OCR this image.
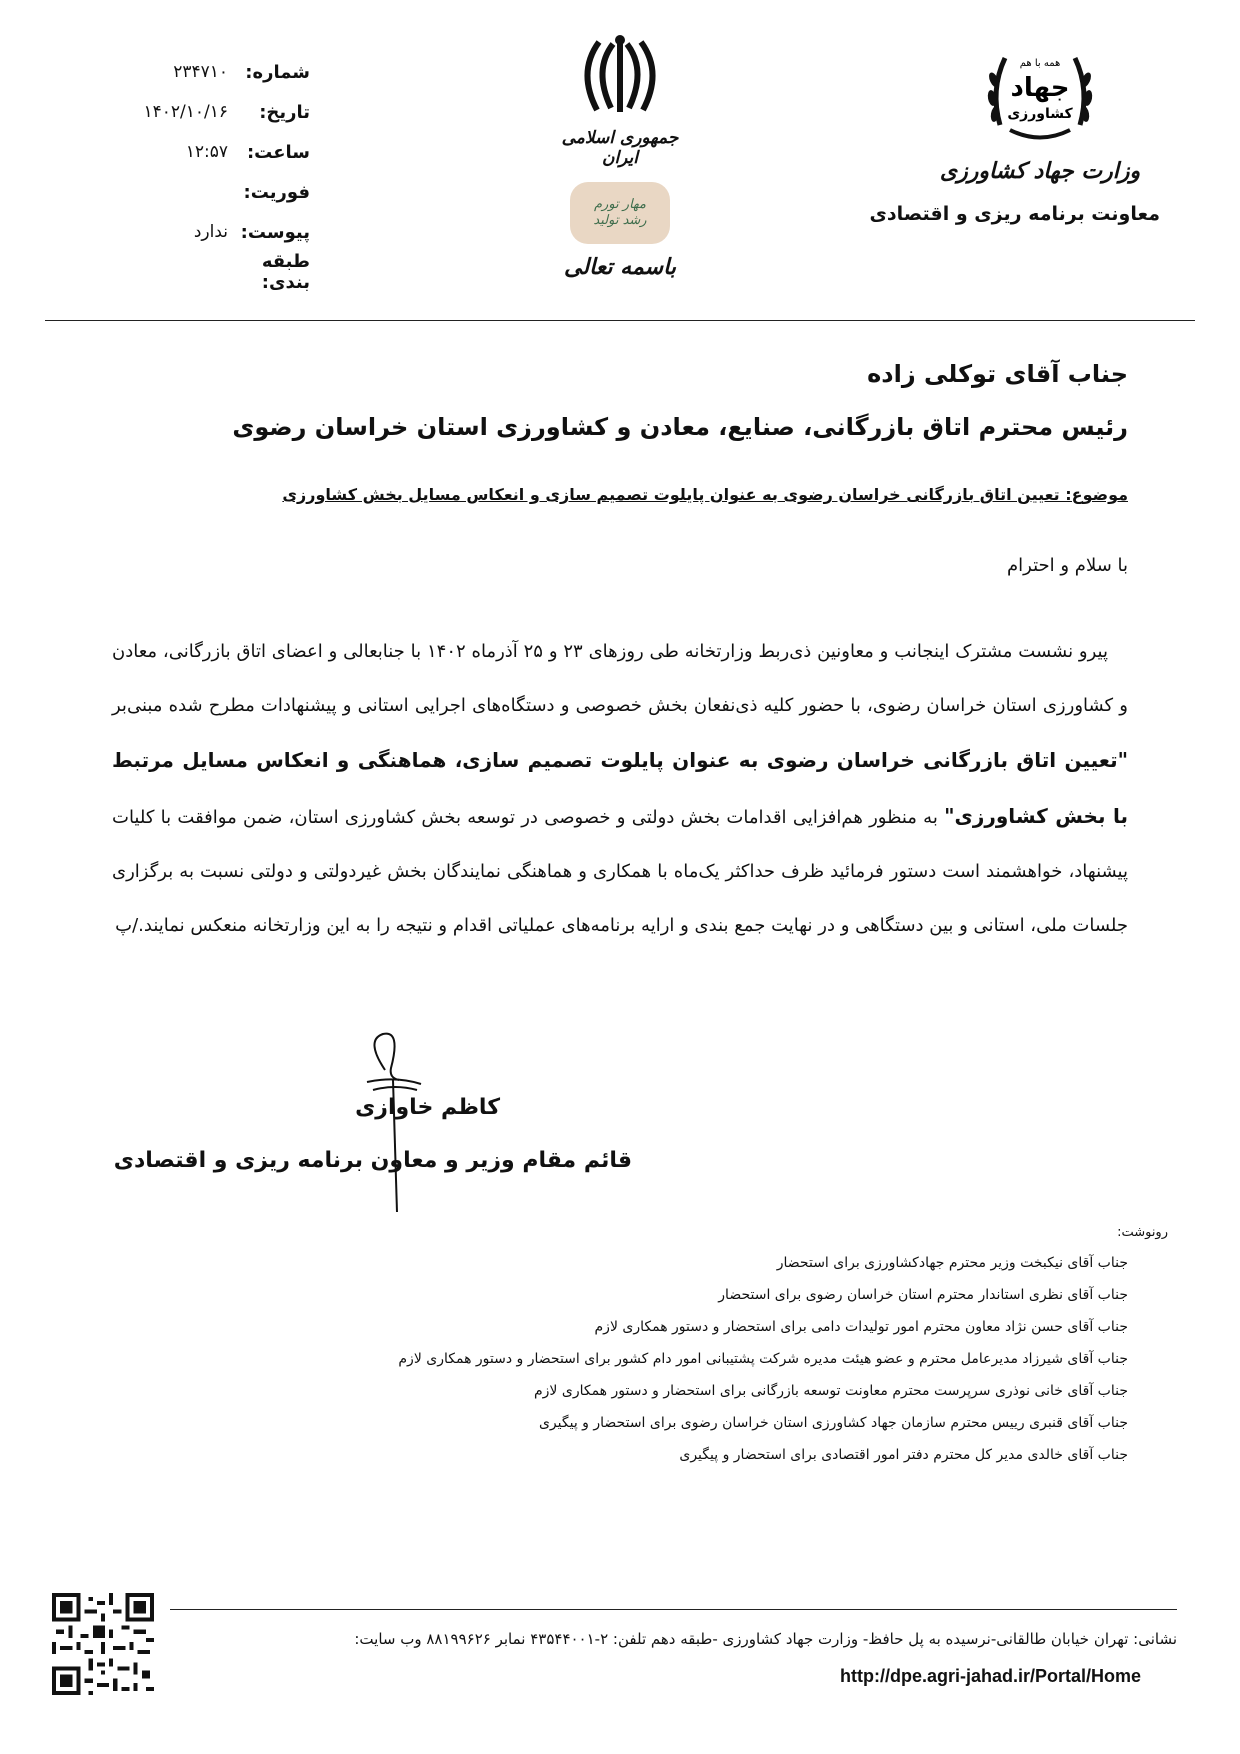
همه با هم
جهاد
کشاورزی
وزارت جهاد کشاورزی
معاونت برنامه ریزی و اقتصادی
جمهوری اسلامی ایران
مهار تورم
رشد تولید
باسمه تعالی
شماره:
۲۳۴۷۱۰
تاریخ:
۱۴۰۲/۱۰/۱۶
ساعت:
۱۲:۵۷
فوریت:
پیوست:
ندارد
طبقه بندی:
جناب آقای توکلی زاده
رئیس محترم اتاق بازرگانی، صنایع، معادن و کشاورزی استان خراسان رضوی
موضوع: تعیین اتاق بازرگانی خراسان رضوی به عنوان پایلوت تصمیم سازی و انعکاس مسایل بخش کشاورزی
با سلام و احترام

پیرو نشست مشترک اینجانب و معاونین ذی‌ربط وزارتخانه طی روزهای ۲۳ و ۲۵ آذرماه ۱۴۰۲ با جنابعالی و اعضای اتاق بازرگانی، معادن و کشاورزی استان خراسان رضوی، با حضور کلیه ذی‌نفعان بخش خصوصی و دستگاه‌های اجرایی استانی و پیشنهادات مطرح شده مبنی‌بر "تعیین اتاق بازرگانی خراسان رضوی به عنوان پایلوت تصمیم سازی، هماهنگی و انعکاس مسایل مرتبط با بخش کشاورزی" به منظور هم‌افزایی اقدامات بخش دولتی و خصوصی در توسعه بخش کشاورزی استان، ضمن موافقت با کلیات پیشنهاد، خواهشمند است دستور فرمائید ظرف حداکثر یک‌ماه با همکاری و هماهنگی نمایندگان بخش غیردولتی و دولتی نسبت به برگزاری جلسات ملی، استانی و بین دستگاهی و در نهایت جمع بندی و ارایه برنامه‌های عملیاتی اقدام و نتیجه را به این وزارتخانه منعکس نمایند./پ

کاظم خاوازی
قائم مقام وزیر و معاون برنامه ریزی و اقتصادی
رونوشت:
جناب آقای نیکبخت وزیر محترم جهادکشاورزی برای استحضار
جناب آقای نظری استاندار محترم استان خراسان رضوی برای استحضار
جناب آقای حسن نژاد معاون محترم امور تولیدات دامی برای استحضار و دستور همکاری لازم
جناب آقای شیرزاد مدیرعامل محترم و عضو هیئت مدیره شرکت پشتیبانی امور دام کشور برای استحضار و دستور همکاری لازم
جناب آقای خانی نوذری سرپرست محترم معاونت توسعه بازرگانی برای استحضار و دستور همکاری لازم
جناب آقای قنبری رییس محترم سازمان جهاد کشاورزی استان خراسان رضوی برای استحضار و پیگیری
جناب آقای خالدی مدیر کل محترم دفتر امور اقتصادی برای استحضار و پیگیری
نشانی: تهران خیابان طالقانی-نرسیده به پل حافظ- وزارت جهاد کشاورزی -طبقه دهم تلفن: ۲-۴۳۵۴۴۰۰۱ نمابر ۸۸۱۹۹۶۲۶ وب سایت:
http://dpe.agri-jahad.ir/Portal/Home
